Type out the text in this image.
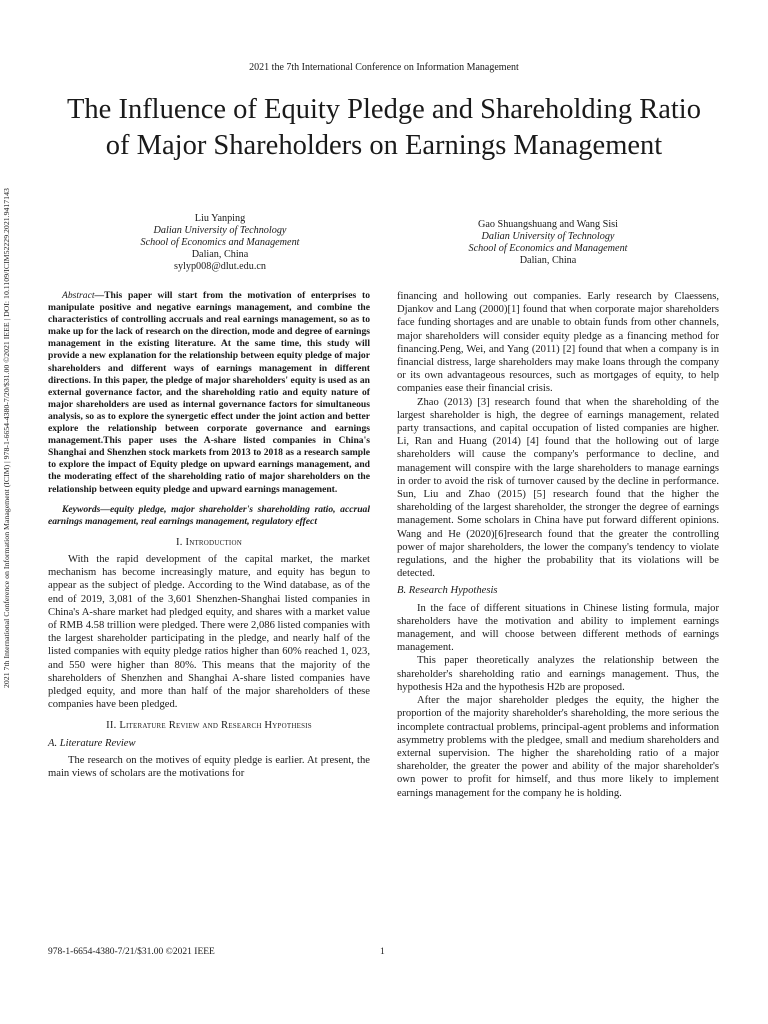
2021 the 7th International Conference on Information Management
The Influence of Equity Pledge and Shareholding Ratio of Major Shareholders on Earnings Management
2021 7th International Conference on Information Management (ICIM) | 978-1-6654-4380-7/20/$31.00 ©2021 IEEE | DOI: 10.1109/ICIM52229.2021.9417143	Liu Yanping
Dalian University of Technology
School of Economics and Management
Dalian, China
sylyp008@dlut.edu.cn
Gao Shuangshuang and Wang Sisi
Dalian University of Technology
School of Economics and Management
Dalian, China

Abstract—This paper will start from the motivation of enterprises to manipulate positive and negative earnings management, and combine the characteristics of controlling accruals and real earnings management, so as to make up for the lack of research on the direction, mode and degree of earnings management in the existing literature. At the same time, this study will provide a new explanation for the relationship between equity pledge of major shareholders and different ways of earnings management in different directions. In this paper, the pledge of major shareholders' equity is used as an external governance factor, and the shareholding ratio and equity nature of major shareholders are used as internal governance factors for simultaneous analysis, so as to explore the synergetic effect under the joint action and better explore the relationship between corporate governance and earnings management.This paper uses the A-share listed companies in China's Shanghai and Shenzhen stock markets from 2013 to 2018 as a research sample to explore the impact of Equity pledge on upward earnings management, and the moderating effect of the shareholding ratio of major shareholders on the relationship between equity pledge and upward earnings management.

Keywords—equity pledge, major shareholder's shareholding ratio, accrual earnings management, real earnings management, regulatory effect

I. Introduction

With the rapid development of the capital market, the market mechanism has become increasingly mature, and equity has begun to appear as the subject of pledge. According to the Wind database, as of the end of 2019, 3,081 of the 3,601 Shenzhen-Shanghai listed companies in China's A-share market had pledged equity, and shares with a market value of RMB 4.58 trillion were pledged. There were 2,086 listed companies with the largest shareholder participating in the pledge, and nearly half of the listed companies with equity pledge ratios higher than 60% reached 1, 023, and 550 were higher than 80%. This means that the majority of the shareholders of Shenzhen and Shanghai A-share listed companies have pledged equity, and more than half of the major shareholders of these companies have been pledged.

II. Literature Review and Research Hypothesis

A. Literature Review

The research on the motives of equity pledge is earlier. At present, the main views of scholars are the motivations for

financing and hollowing out companies. Early research by Claessens, Djankov and Lang (2000)[1] found that when corporate major shareholders face funding shortages and are unable to obtain funds from other channels, major shareholders will consider equity pledge as a financing method for financing.Peng, Wei, and Yang (2011) [2] found that when a company is in financial distress, large shareholders may make loans through the company or its own advantageous resources, such as mortgages of equity, to help companies ease their financial crisis.

Zhao (2013) [3] research found that when the shareholding of the largest shareholder is high, the degree of earnings management, related party transactions, and capital occupation of listed companies are higher. Li, Ran and Huang (2014) [4] found that the hollowing out of large shareholders will cause the company's performance to decline, and management will conspire with the large shareholders to manage earnings in order to avoid the risk of turnover caused by the decline in performance. Sun, Liu and Zhao (2015) [5] research found that the higher the shareholding of the largest shareholder, the stronger the degree of earnings management. Some scholars in China have put forward different opinions. Wang and He (2020)[6]research found that the greater the controlling power of major shareholders, the lower the company's tendency to violate regulations, and the higher the probability that its violations will be detected.

B. Research Hypothesis

In the face of different situations in Chinese listing formula, major shareholders have the motivation and ability to implement earnings management, and will choose between different methods of earnings management.

This paper theoretically analyzes the relationship between the shareholder's shareholding ratio and earnings management. Thus, the hypothesis H2a and the hypothesis H2b are proposed.

After the major shareholder pledges the equity, the higher the proportion of the majority shareholder's shareholding, the more serious the incomplete contractual problems, principal-agent problems and information asymmetry problems with the pledgee, small and medium shareholders and external supervision. The higher the shareholding ratio of a major shareholder, the greater the power and ability of the major shareholder's own power to profit for himself, and thus more likely to implement earnings management for the company he is holding.

978-1-6654-4380-7/21/$31.00 ©2021 IEEE	1
